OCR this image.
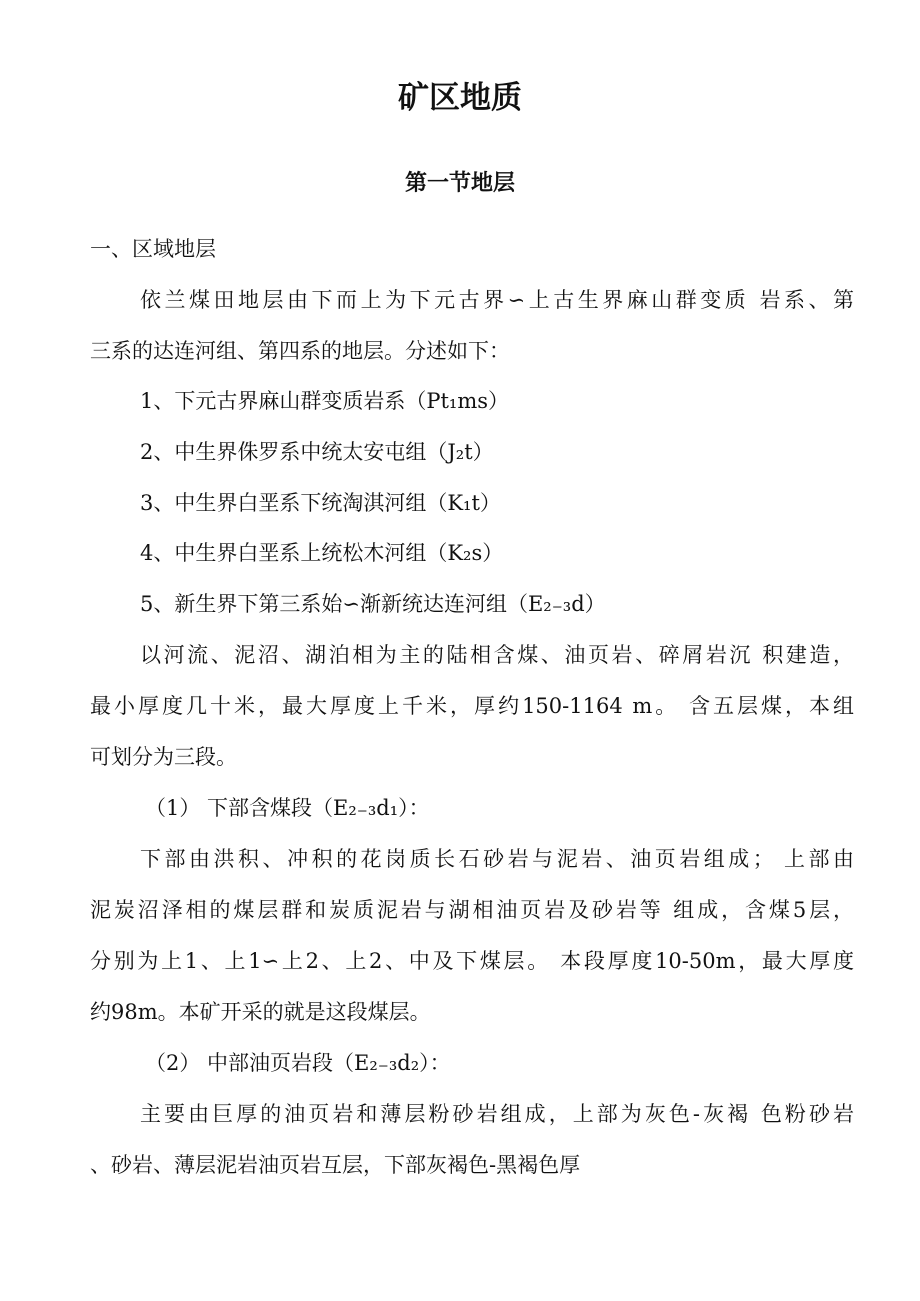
矿区地质
第一节地层
一、区域地层
依兰煤田地层由下而上为下元古界∽上古生界麻山群变质 岩系、第
三系的达连河组、第四系的地层。分述如下：
1、下元古界麻山群变质岩系（Pt₁ms）
2、中生界侏罗系中统太安屯组（J₂t）
3、中生界白垩系下统淘淇河组（K₁t）
4、中生界白垩系上统松木河组（K₂s）
5、新生界下第三系始∽渐新统达连河组（E₂₋₃d）
以河流、泥沼、湖泊相为主的陆相含煤、油页岩、碎屑岩沉 积建造，
最小厚度几十米，最大厚度上千米，厚约150-1164 m。 含五层煤，本组
可划分为三段。
（1） 下部含煤段（E₂₋₃d₁）：
下部由洪积、冲积的花岗质长石砂岩与泥岩、油页岩组成； 上部由
泥炭沼泽相的煤层群和炭质泥岩与湖相油页岩及砂岩等 组成，含煤5层，
分别为上1、上1∽上2、上2、中及下煤层。 本段厚度10-50m，最大厚度
约98m。本矿开采的就是这段煤层。
（2） 中部油页岩段（E₂₋₃d₂）：
主要由巨厚的油页岩和薄层粉砂岩组成，上部为灰色-灰褐 色粉砂岩
、砂岩、薄层泥岩油页岩互层，下部灰褐色-黑褐色厚
